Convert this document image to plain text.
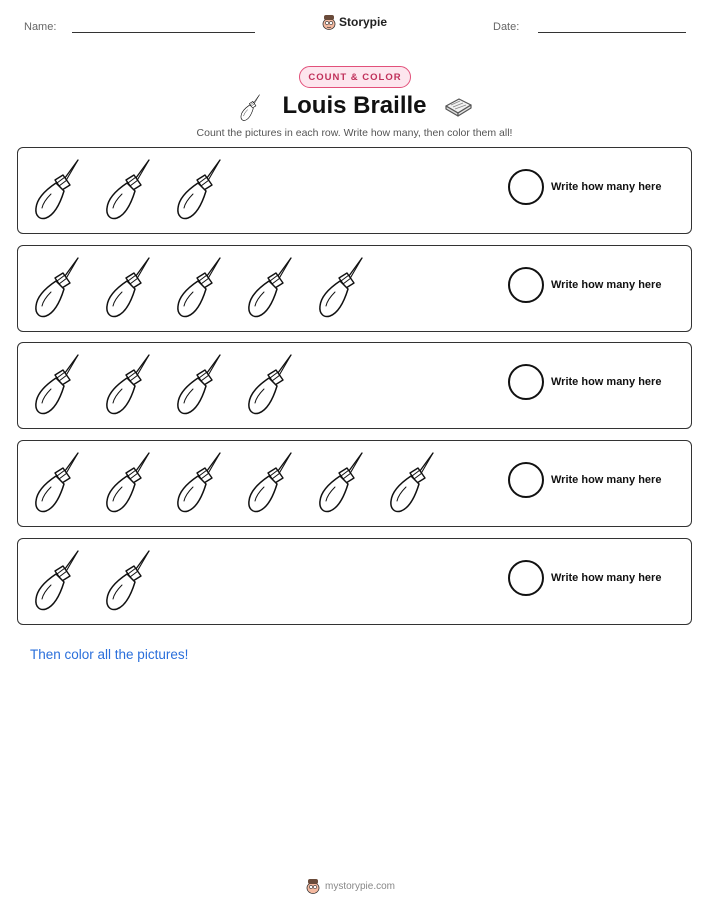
Name:	Storypie	Date:
COUNT & COLOR
Louis Braille
Count the pictures in each row. Write how many, then color them all!
Write how many here
Write how many here
Write how many here
Write how many here
Write how many here
Then color all the pictures!
mystorypie.com
